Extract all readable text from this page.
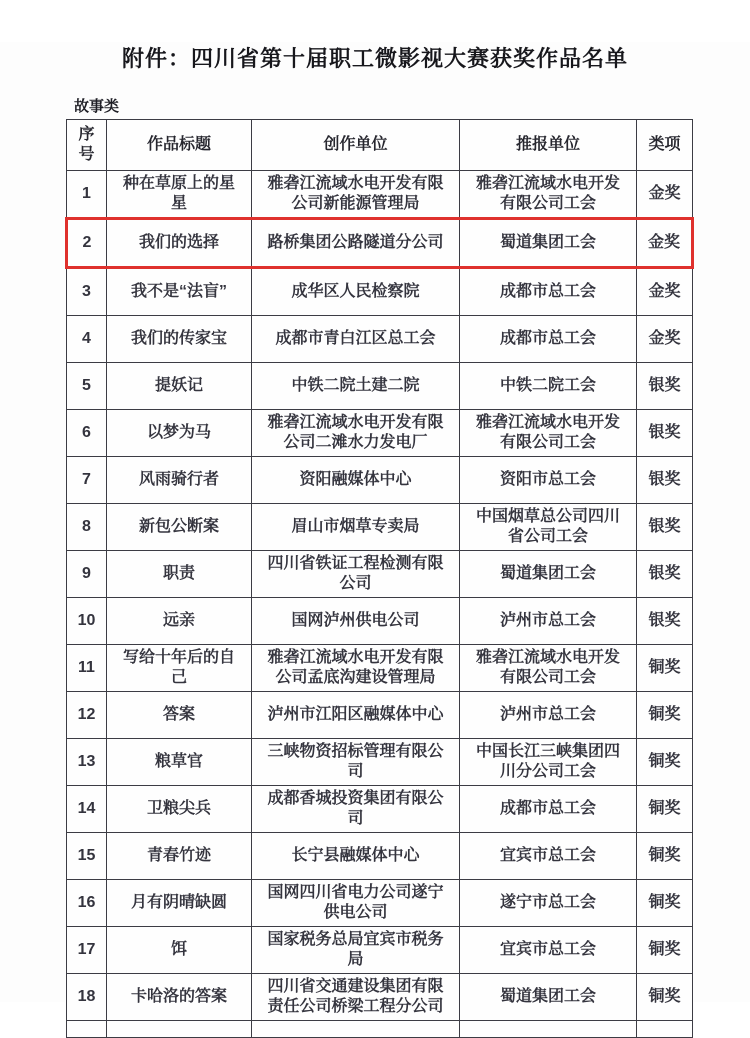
附件：四川省第十届职工微影视大赛获奖作品名单
故事类
序号	作品标题	创作单位	推报单位	类项
1	种在草原上的星星	雅砻江流域水电开发有限公司新能源管理局	雅砻江流域水电开发有限公司工会	金奖
2	我们的选择	路桥集团公路隧道分公司	蜀道集团工会	金奖
3	我不是“法盲”	成华区人民检察院	成都市总工会	金奖
4	我们的传家宝	成都市青白江区总工会	成都市总工会	金奖
5	提妖记	中铁二院土建二院	中铁二院工会	银奖
6	以梦为马	雅砻江流域水电开发有限公司二滩水力发电厂	雅砻江流域水电开发有限公司工会	银奖
7	风雨骑行者	资阳融媒体中心	资阳市总工会	银奖
8	新包公断案	眉山市烟草专卖局	中国烟草总公司四川省公司工会	银奖
9	职责	四川省铁证工程检测有限公司	蜀道集团工会	银奖
10	远亲	国网泸州供电公司	泸州市总工会	银奖
11	写给十年后的自己	雅砻江流域水电开发有限公司孟底沟建设管理局	雅砻江流域水电开发有限公司工会	铜奖
12	答案	泸州市江阳区融媒体中心	泸州市总工会	铜奖
13	粮草官	三峡物资招标管理有限公司	中国长江三峡集团四川分公司工会	铜奖
14	卫粮尖兵	成都香城投资集团有限公司	成都市总工会	铜奖
15	青春竹迹	长宁县融媒体中心	宜宾市总工会	铜奖
16	月有阴晴缺圆	国网四川省电力公司遂宁供电公司	遂宁市总工会	铜奖
17	饵	国家税务总局宜宾市税务局	宜宾市总工会	铜奖
18	卡哈洛的答案	四川省交通建设集团有限责任公司桥梁工程分公司	蜀道集团工会	铜奖
